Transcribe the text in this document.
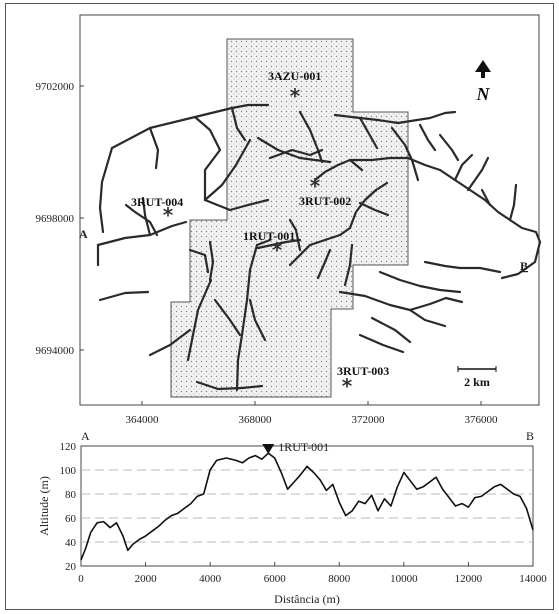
364000	368000	372000	376000
9702000
9698000
9694000
3AZU-001
*
3RUT-002
*
3RUT-004
*
1RUT-001
*
3RUT-003
*
A
B
N
2 km
20
40
60
80
100
120
0	2000	4000	6000	8000	10000	12000	14000
A	B
1RUT-001
Distância (m)
Altitude (m)
